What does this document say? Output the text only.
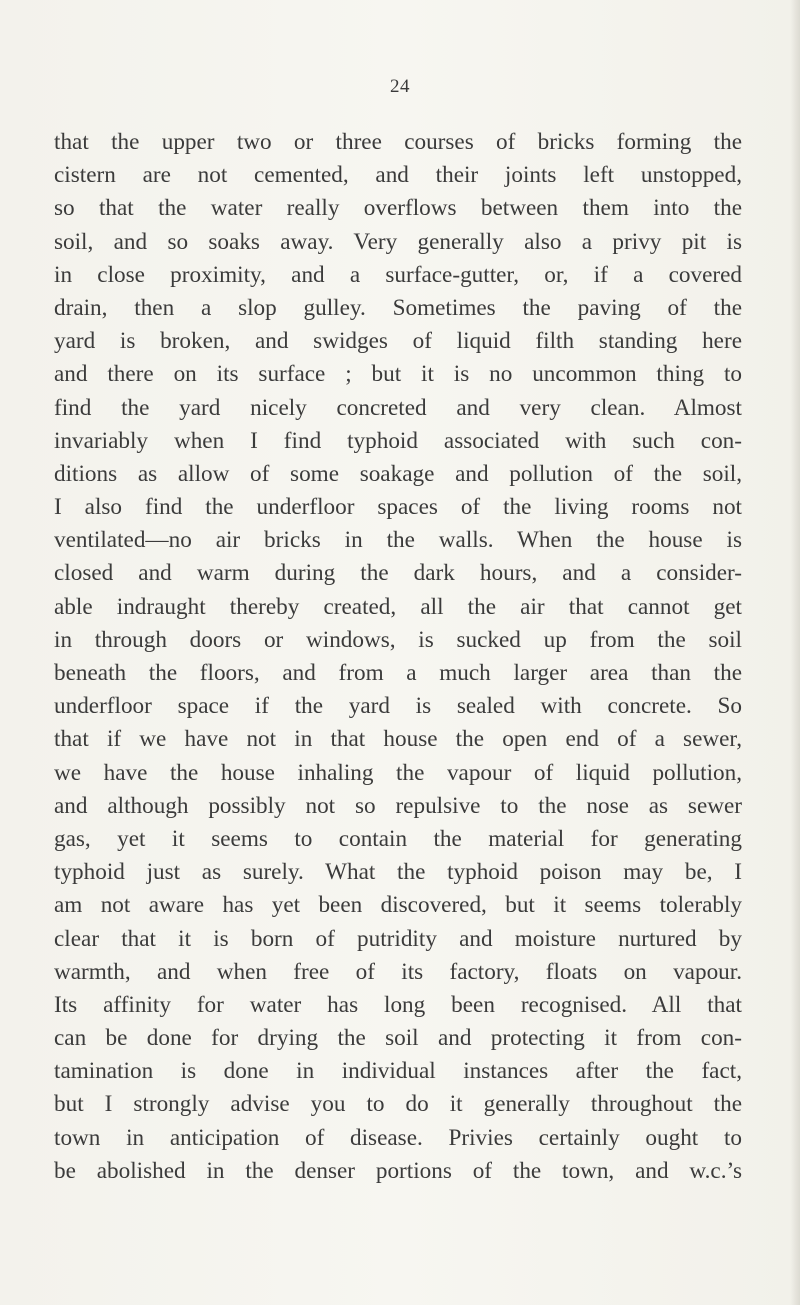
24
that the upper two or three courses of bricks forming the
cistern are not cemented, and their joints left unstopped,
so that the water really overflows between them into the
soil, and so soaks away. Very generally also a privy pit is
in close proximity, and a surface-gutter, or, if a covered
drain, then a slop gulley. Sometimes the paving of the
yard is broken, and swidges of liquid filth standing here
and there on its surface ; but it is no uncommon thing to
find the yard nicely concreted and very clean. Almost
invariably when I find typhoid associated with such con-
ditions as allow of some soakage and pollution of the soil,
I also find the underfloor spaces of the living rooms not
ventilated—no air bricks in the walls. When the house is
closed and warm during the dark hours, and a consider-
able indraught thereby created, all the air that cannot get
in through doors or windows, is sucked up from the soil
beneath the floors, and from a much larger area than the
underfloor space if the yard is sealed with concrete. So
that if we have not in that house the open end of a sewer,
we have the house inhaling the vapour of liquid pollution,
and although possibly not so repulsive to the nose as sewer
gas, yet it seems to contain the material for generating
typhoid just as surely. What the typhoid poison may be, I
am not aware has yet been discovered, but it seems tolerably
clear that it is born of putridity and moisture nurtured by
warmth, and when free of its factory, floats on vapour.
Its affinity for water has long been recognised. All that
can be done for drying the soil and protecting it from con-
tamination is done in individual instances after the fact,
but I strongly advise you to do it generally throughout the
town in anticipation of disease. Privies certainly ought to
be abolished in the denser portions of the town, and w.c.’s
